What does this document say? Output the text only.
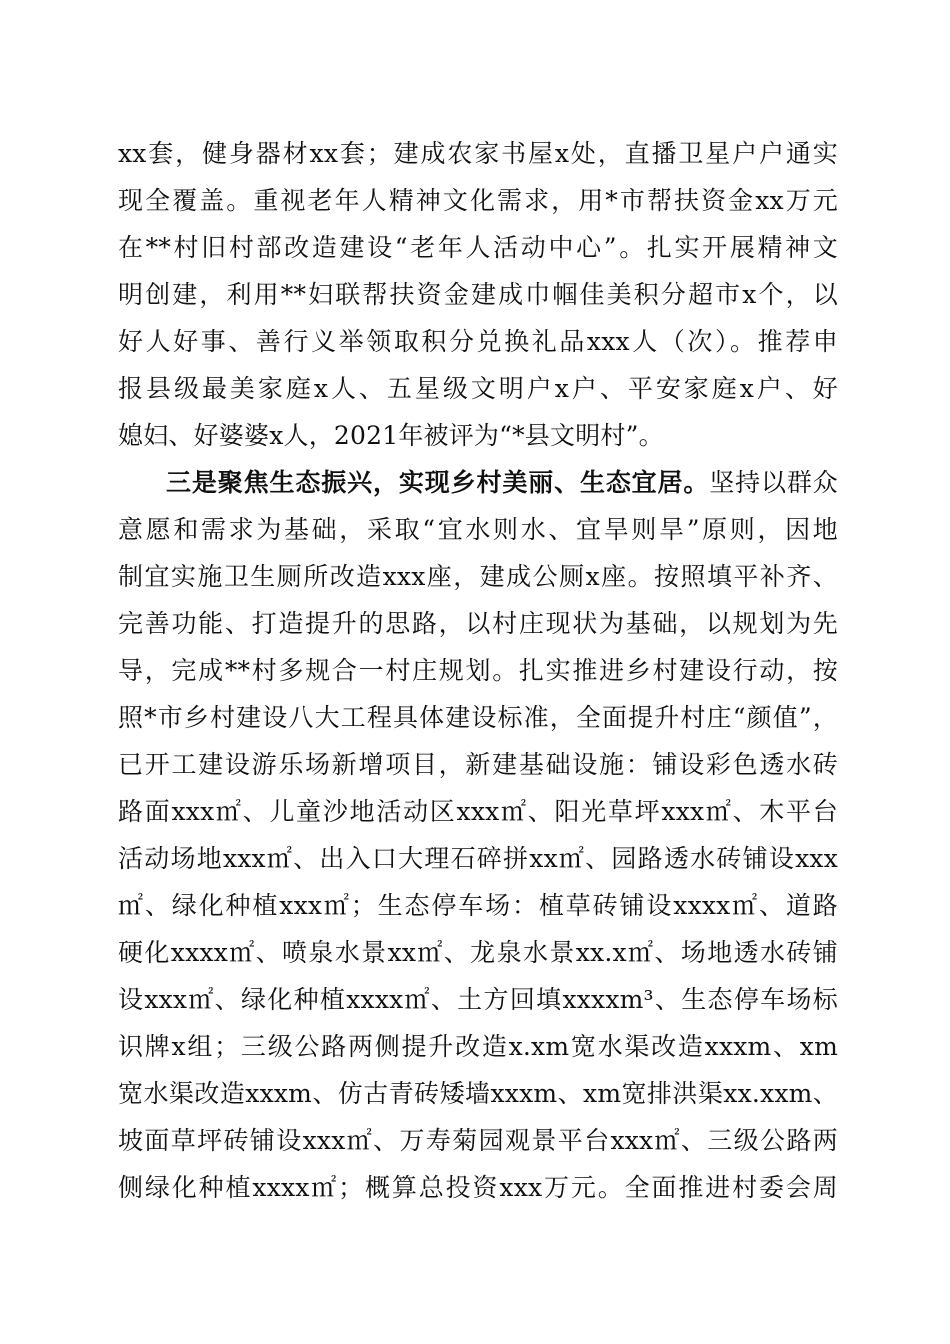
xx套，健身器材xx套；建成农家书屋x处，直播卫星户户通实
现全覆盖。重视老年人精神文化需求，用*市帮扶资金xx万元
在**村旧村部改造建设“老年人活动中心”。扎实开展精神文
明创建，利用**妇联帮扶资金建成巾帼佳美积分超市x个，以
好人好事、善行义举领取积分兑换礼品xxx人（次）。推荐申
报县级最美家庭x人、五星级文明户x户、平安家庭x户、好
媳妇、好婆婆x人，2021年被评为“*县文明村”。
三是聚焦生态振兴，实现乡村美丽、生态宜居。坚持以群众
意愿和需求为基础，采取“宜水则水、宜旱则旱”原则，因地
制宜实施卫生厕所改造xxx座，建成公厕x座。按照填平补齐、
完善功能、打造提升的思路，以村庄现状为基础，以规划为先
导，完成**村多规合一村庄规划。扎实推进乡村建设行动，按
照*市乡村建设八大工程具体建设标准，全面提升村庄“颜值”，
已开工建设游乐场新增项目，新建基础设施：铺设彩色透水砖
路面xxx㎡、儿童沙地活动区xxx㎡、阳光草坪xxx㎡、木平台
活动场地xxx㎡、出入口大理石碎拼xx㎡、园路透水砖铺设xxx
㎡、绿化种植xxx㎡；生态停车场：植草砖铺设xxxx㎡、道路
硬化xxxx㎡、喷泉水景xx㎡、龙泉水景xx.x㎡、场地透水砖铺
设xxx㎡、绿化种植xxxx㎡、土方回填xxxxm³、生态停车场标
识牌x组；三级公路两侧提升改造x.xm宽水渠改造xxxm、xm
宽水渠改造xxxm、仿古青砖矮墙xxxm、xm宽排洪渠xx.xxm、
坡面草坪砖铺设xxx㎡、万寿菊园观景平台xxx㎡、三级公路两
侧绿化种植xxxx㎡；概算总投资xxx万元。全面推进村委会周
